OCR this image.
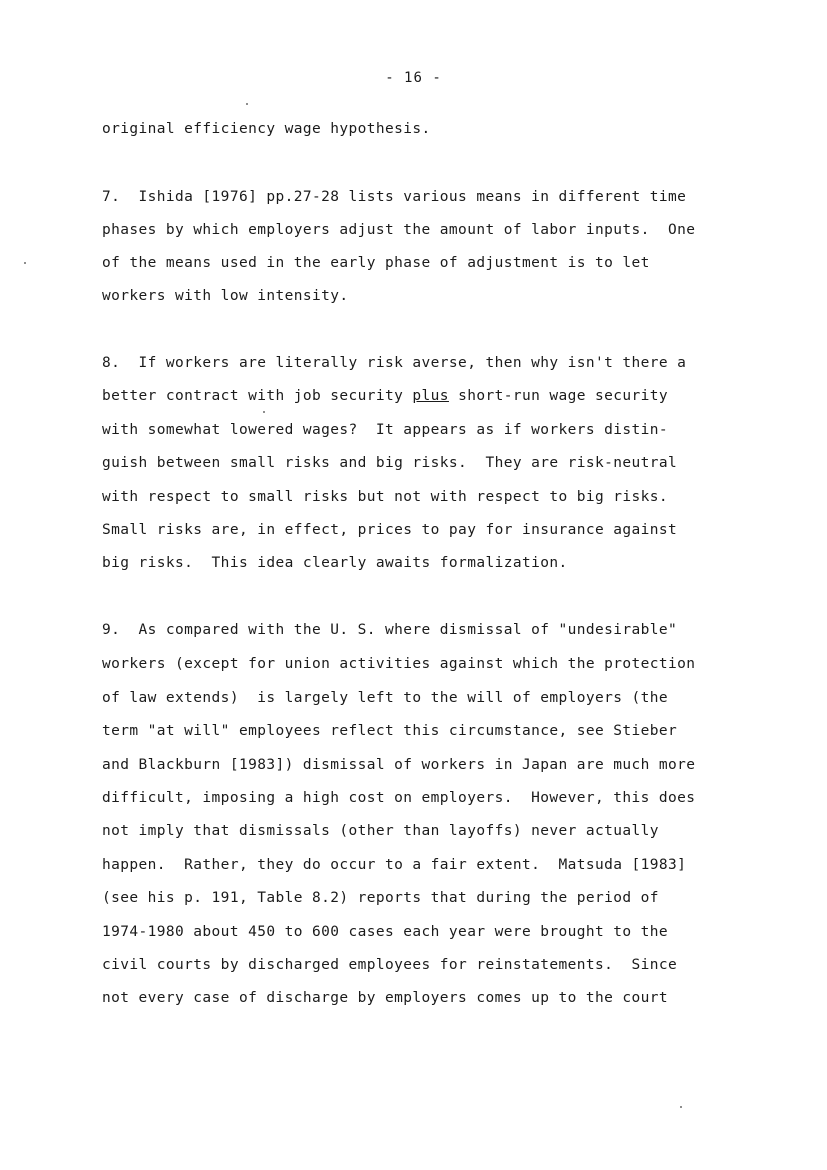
- 16 -
original efficiency wage hypothesis.
7.  Ishida [1976] pp.27-28 lists various means in different time
phases by which employers adjust the amount of labor inputs.  One
of the means used in the early phase of adjustment is to let
workers with low intensity.
8.  If workers are literally risk averse, then why isn't there a
better contract with job security plus short-run wage security
with somewhat lowered wages?  It appears as if workers distin-
guish between small risks and big risks.  They are risk-neutral
with respect to small risks but not with respect to big risks.
Small risks are, in effect, prices to pay for insurance against
big risks.  This idea clearly awaits formalization.
9.  As compared with the U. S. where dismissal of "undesirable"
workers (except for union activities against which the protection
of law extends)  is largely left to the will of employers (the
term "at will" employees reflect this circumstance, see Stieber
and Blackburn [1983]) dismissal of workers in Japan are much more
difficult, imposing a high cost on employers.  However, this does
not imply that dismissals (other than layoffs) never actually
happen.  Rather, they do occur to a fair extent.  Matsuda [1983]
(see his p. 191, Table 8.2) reports that during the period of
1974-1980 about 450 to 600 cases each year were brought to the
civil courts by discharged employees for reinstatements.  Since
not every case of discharge by employers comes up to the court
